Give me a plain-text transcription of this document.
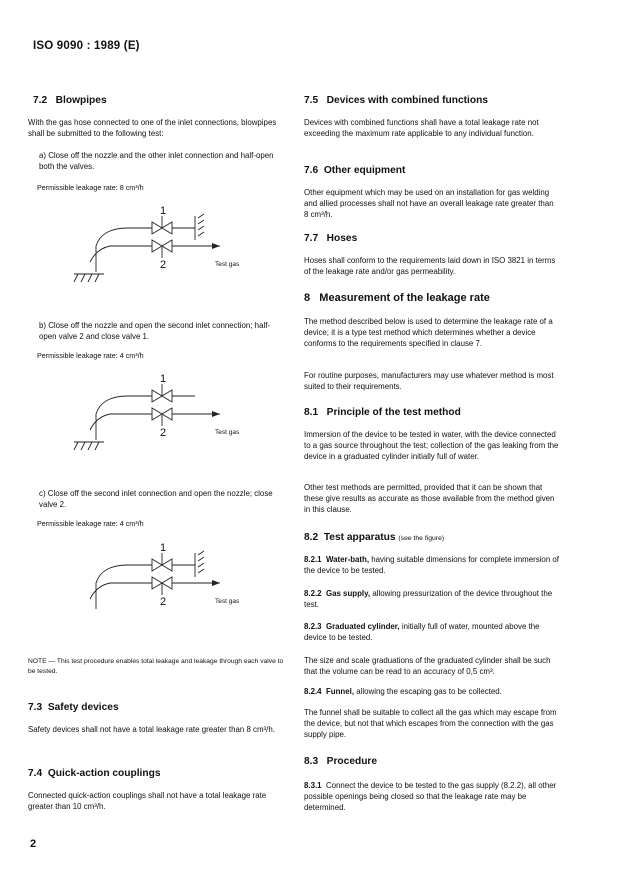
ISO 9090 : 1989 (E)
7.2 Blowpipes
With the gas hose connected to one of the inlet connections, blowpipes shall be submitted to the following test:
a) Close off the nozzle and the other inlet connection and half-open both the valves.
Permissible leakage rate: 8 cm³/h
1
2	Test gas
b) Close off the nozzle and open the second inlet connection; half-open valve 2 and close valve 1.
Permissible leakage rate: 4 cm³/h
1
2	Test gas
c) Close off the second inlet connection and open the nozzle; close valve 2.
Permissible leakage rate: 4 cm³/h
1
2	Test gas
NOTE — This test procedure enables total leakage and leakage through each valve to be tested.
7.3 Safety devices
Safety devices shall not have a total leakage rate greater than 8 cm³/h.
7.4 Quick-action couplings
Connected quick-action couplings shall not have a total leakage rate greater than 10 cm³/h.
2
7.5 Devices with combined functions
Devices with combined functions shall have a total leakage rate not exceeding the maximum rate applicable to any individual function.
7.6 Other equipment
Other equipment which may be used on an installation for gas welding and allied processes shall not have an overall leakage rate greater than 8 cm³/h.
7.7 Hoses
Hoses shall conform to the requirements laid down in ISO 3821 in terms of the leakage rate and/or gas permeability.
8 Measurement of the leakage rate
The method described below is used to determine the leakage rate of a device; it is a type test method which determines whether a device conforms to the requirements specified in clause 7.
For routine purposes, manufacturers may use whatever method is most suited to their requirements.
8.1 Principle of the test method
Immersion of the device to be tested in water, with the device connected to a gas source throughout the test; collection of the gas leaking from the device in a graduated cylinder initially full of water.
Other test methods are permitted, provided that it can be shown that these give results as accurate as those available from the method given in this clause.
8.2 Test apparatus (see the figure)
8.2.1 Water-bath, having suitable dimensions for complete immersion of the device to be tested.
8.2.2 Gas supply, allowing pressurization of the device throughout the test.
8.2.3 Graduated cylinder, initially full of water, mounted above the device to be tested.
The size and scale graduations of the graduated cylinder shall be such that the volume can be read to an accuracy of 0,5 cm³.
8.2.4 Funnel, allowing the escaping gas to be collected.
The funnel shall be suitable to collect all the gas which may escape from the device, but not that which escapes from the connection with the gas supply pipe.
8.3 Procedure
8.3.1 Connect the device to be tested to the gas supply (8.2.2), all other possible openings being closed so that the leakage rate may be determined.
